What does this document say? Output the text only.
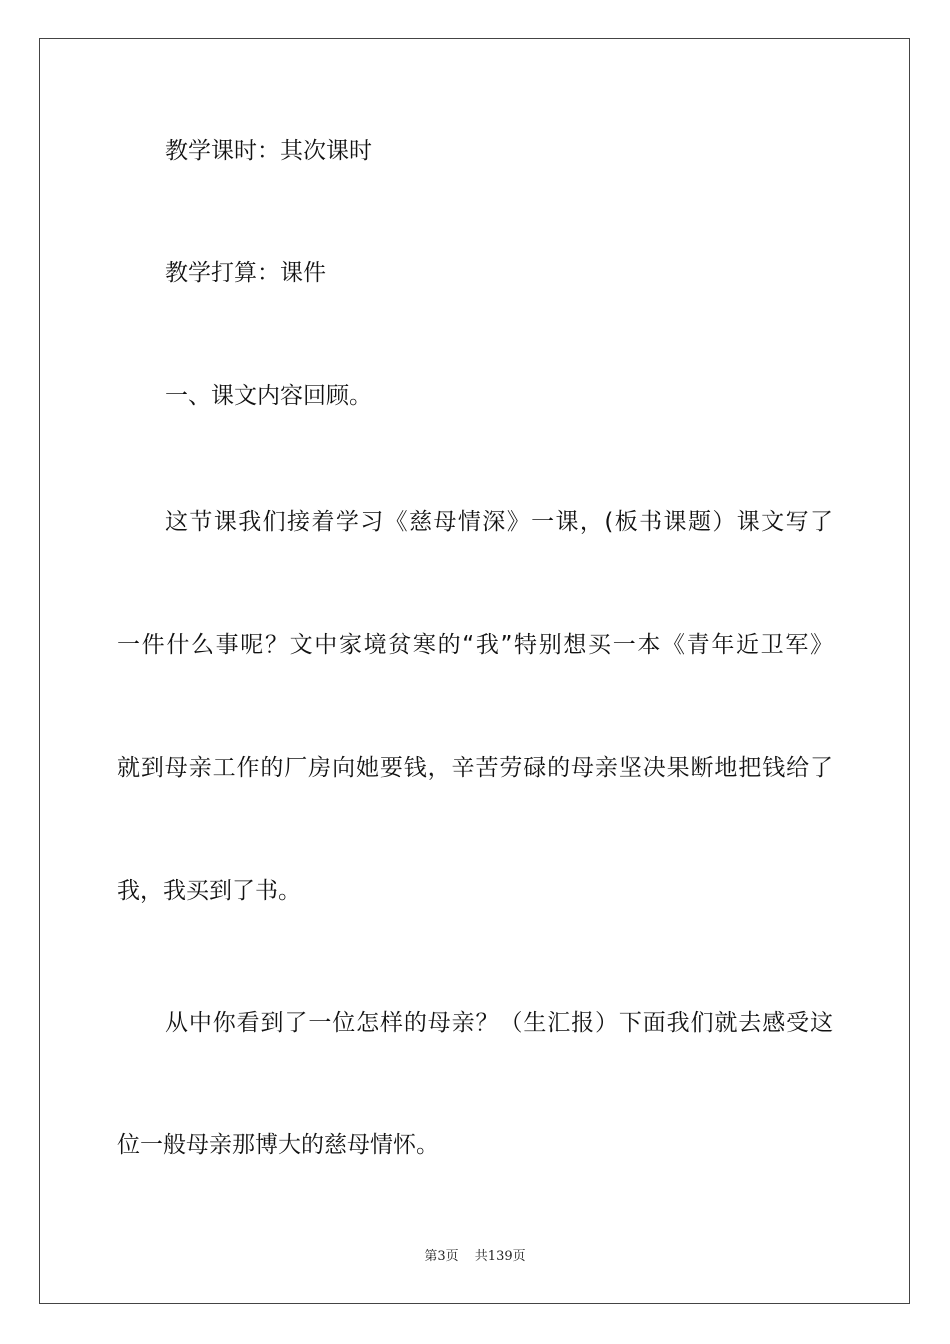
教学课时：其次课时
教学打算：课件
一、课文内容回顾。
这节课我们接着学习《慈母情深》一课，(板书课题）课文写了
一件什么事呢？文中家境贫寒的“我”特别想买一本《青年近卫军》
就到母亲工作的厂房向她要钱，辛苦劳碌的母亲坚决果断地把钱给了
我，我买到了书。
从中你看到了一位怎样的母亲？（生汇报）下面我们就去感受这
位一般母亲那博大的慈母情怀。
第3页 共139页
